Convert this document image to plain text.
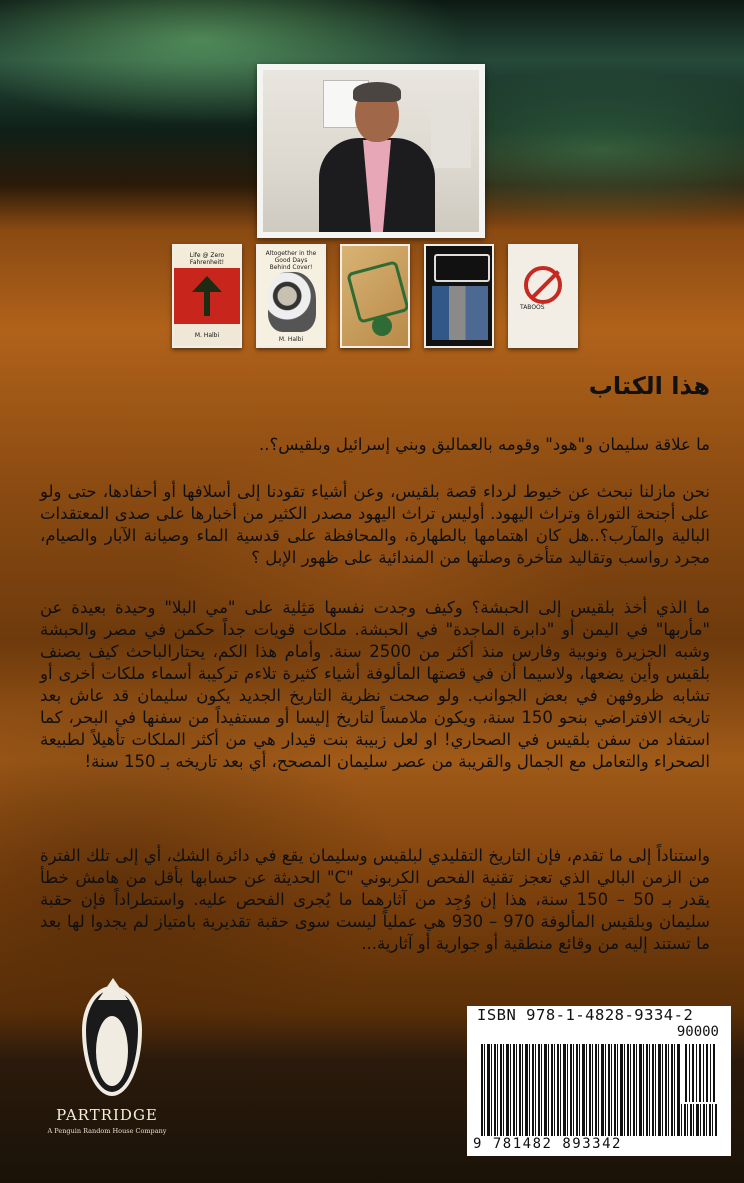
Life @ Zero Fahrenheit!
M. Halbi
Altogether in the Good Days Behind Cover!
M. Halbi
TABOOS
هذا الكتاب

ما علاقة سليمان و"هود" وقومه بالعماليق وبني إسرائيل وبلقيس؟..

نحن مازلنا نبحث عن خيوط لرداء قصة بلقيس، وعن أشياء تقودنا إلى أسلافها أو أحفادها، حتى ولو على أجنحة التوراة وتراث اليهود. أوليس تراث اليهود مصدر الكثير من أخبارها على صدى المعتقدات البالية والمآرب؟..هل كان اهتمامها بالطهارة، والمحافظة على قدسية الماء وصيانة الآبار والصيام، مجرد رواسب وتقاليد متأخرة وصلتها من المندائية على ظهور الإبل ؟

ما الذي أخذ بلقيس إلى الحبشة؟ وكيف وجدت نفسها مَثِلية على "مي البلا" وحيدة بعيدة عن "مأربها" في اليمن أو "دابرة الماجدة" في الحبشة. ملكات قويات جداً حكمن في مصر والحبشة وشبه الجزيرة ونوبية وفارس منذ أكثر من 2500 سنة. وأمام هذا الكم، يحتارالباحث كيف يصنف بلقيس وأين يضعها، ولاسيما أن في قصتها المألوفة أشياء كثيرة تلاءم تركيبة أسماء ملكات أخرى أو تشابه ظروفهن في بعض الجوانب. ولو صحت نظرية التاريخ الجديد يكون سليمان قد عاش بعد تاريخه الافتراضي بنحو 150 سنة، ويكون ملامساً لتاريخ إليسا أو مستفيداً من سفنها في البحر، كما استفاد من سفن بلقيس في الصحاري! او لعل زبيبة بنت قيدار هي من أكثر الملكات تأهيلاً لطبيعة الصحراء والتعامل مع الجمال والقريبة من عصر سليمان المصحح، أي بعد تاريخه بـ 150 سنة!

واستناداً إلى ما تقدم، فإن التاريخ التقليدي لبلقيس وسليمان يقع في دائرة الشك، أي إلى تلك الفترة من الزمن البالي الذي تعجز تقنية الفحص الكربوني "C" الحديثة عن حسابها بأقل من هامش خطأ يقدر بـ 50 – 150 سنة، هذا إن وُجِد من آثارهما ما يُجرى الفحص عليه. واستطراداً فإن حقبة سليمان وبلقيس المألوفة 970 – 930 هي عملياً ليست سوى حقبة تقديرية بامتياز لم يجدوا لها بعد ما تستند إليه من وقائع منطقية أو جوارية أو آثارية...

PARTRIDGE
A Penguin Random House Company
ISBN 978-1-4828-9334-2
90000
9 781482 893342
